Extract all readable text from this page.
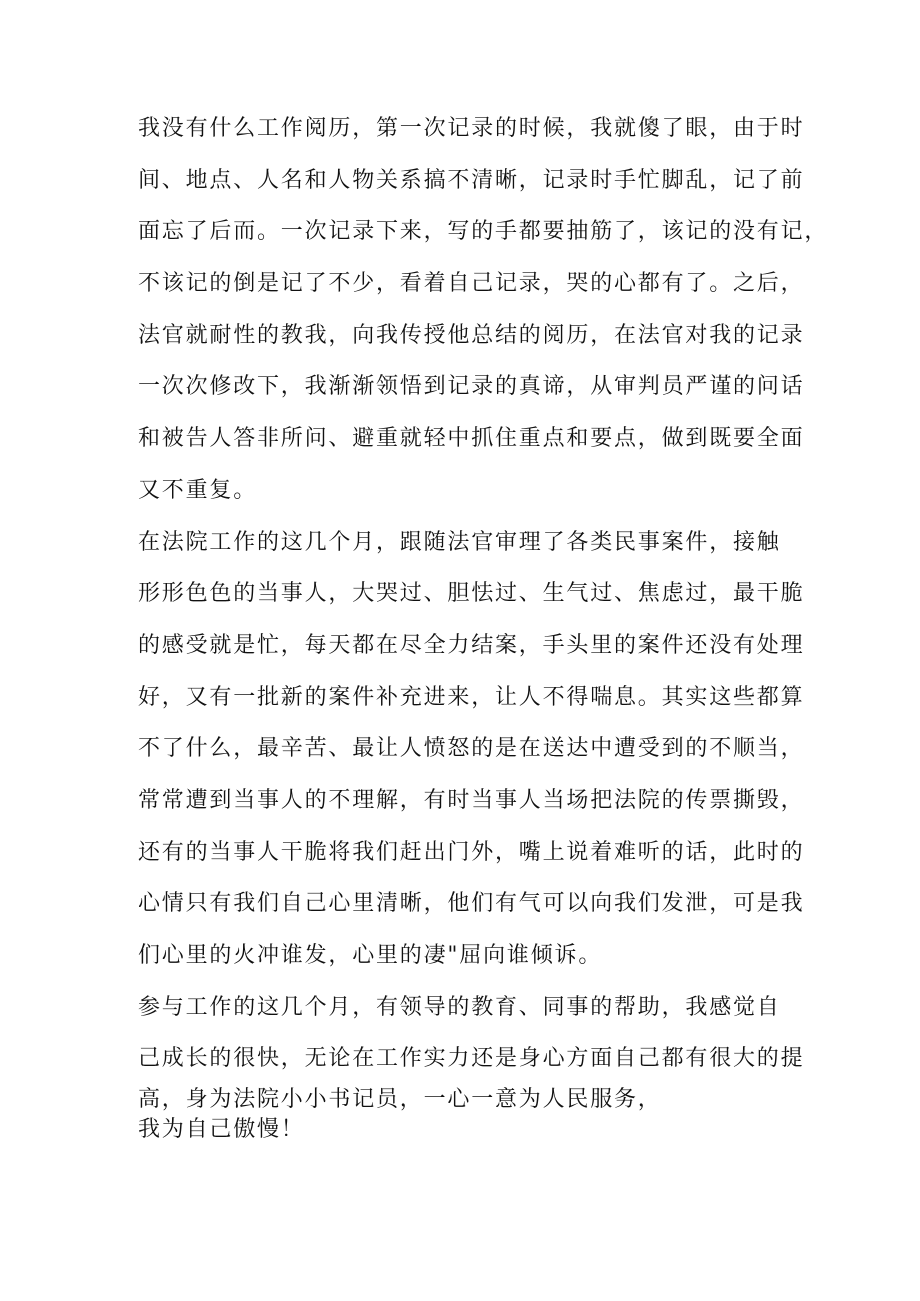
我没有什么工作阅历，第一次记录的时候，我就傻了眼，由于时
间、地点、人名和人物关系搞不清晰，记录时手忙脚乱，记了前
面忘了后而。一次记录下来，写的手都要抽筋了，该记的没有记，
不该记的倒是记了不少，看着自己记录，哭的心都有了。之后，
法官就耐性的教我，向我传授他总结的阅历，在法官对我的记录
一次次修改下，我渐渐领悟到记录的真谛，从审判员严谨的问话
和被告人答非所问、避重就轻中抓住重点和要点，做到既要全面
又不重复。
在法院工作的这几个月，跟随法官审理了各类民事案件，接触
形形色色的当事人，大哭过、胆怯过、生气过、焦虑过，最干脆
的感受就是忙，每天都在尽全力结案，手头里的案件还没有处理
好，又有一批新的案件补充进来，让人不得喘息。其实这些都算
不了什么，最辛苦、最让人愤怒的是在送达中遭受到的不顺当，
常常遭到当事人的不理解，有时当事人当场把法院的传票撕毁，
还有的当事人干脆将我们赶出门外，嘴上说着难听的话，此时的
心情只有我们自己心里清晰，他们有气可以向我们发泄，可是我
们心里的火冲谁发，心里的凄"屈向谁倾诉。
参与工作的这几个月，有领导的教育、同事的帮助，我感觉自
己成长的很快，无论在工作实力还是身心方面自己都有很大的提
高，身为法院小小书记员，一心一意为人民服务，
我为自己傲慢！
